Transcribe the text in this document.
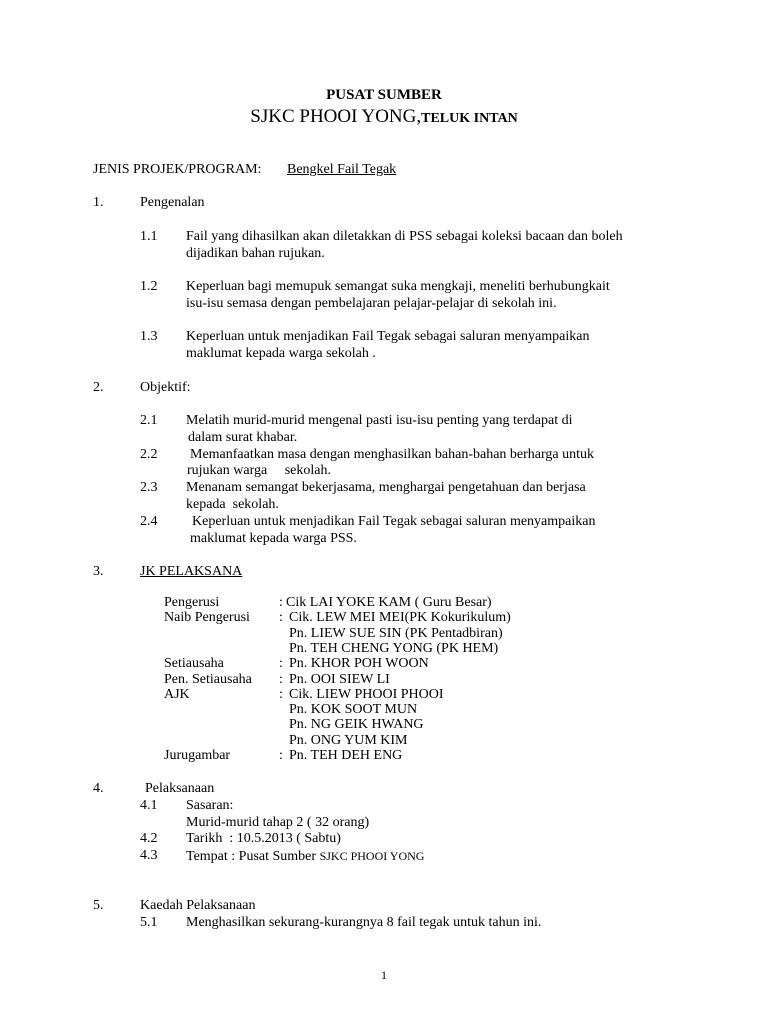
PUSAT SUMBER
SJKC PHOOI YONG,TELUK INTAN
JENIS PROJEK/PROGRAM: Bengkel Fail Tegak
1.	Pengenalan
1.1 Fail yang dihasilkan akan diletakkan di PSS sebagai koleksi bacaan dan boleh
dijadikan bahan rujukan.
1.2 Keperluan bagi memupuk semangat suka mengkaji, meneliti berhubungkait
isu-isu semasa dengan pembelajaran pelajar-pelajar di sekolah ini.
1.3 Keperluan untuk menjadikan Fail Tegak sebagai saluran menyampaikan
maklumat kepada warga sekolah .
2.	Objektif:
2.1 Melatih murid-murid mengenal pasti isu-isu penting yang terdapat di
dalam surat khabar.
2.2 Memanfaatkan masa dengan menghasilkan bahan-bahan berharga untuk
rujukan warga     sekolah.
2.3 Menanam semangat bekerjasama, menghargai pengetahuan dan berjasa
kepada  sekolah.
2.4 Keperluan untuk menjadikan Fail Tegak sebagai saluran menyampaikan
maklumat kepada warga PSS.
3.	JK PELAKSANA
Pengerusi	: Cik LAI YOKE KAM ( Guru Besar)
Naib Pengerusi : Cik. LEW MEI MEI(PK Kokurikulum)
Pn. LIEW SUE SIN (PK Pentadbiran)
Pn. TEH CHENG YONG (PK HEM)
Setiausaha	: Pn. KHOR POH WOON
Pen. Setiausaha : Pn. OOI SIEW LI
AJK	: Cik. LIEW PHOOI PHOOI
Pn. KOK SOOT MUN
Pn. NG GEIK HWANG
Pn. ONG YUM KIM
Jurugambar	: Pn. TEH DEH ENG
4.	Pelaksanaan
4.1 Sasaran:
Murid-murid tahap 2 ( 32 orang)
4.2 Tarikh  : 10.5.2013 ( Sabtu)
4.3 Tempat : Pusat Sumber SJKC PHOOI YONG
5.	Kaedah Pelaksanaan
5.1 Menghasilkan sekurang-kurangnya 8 fail tegak untuk tahun ini.
1
